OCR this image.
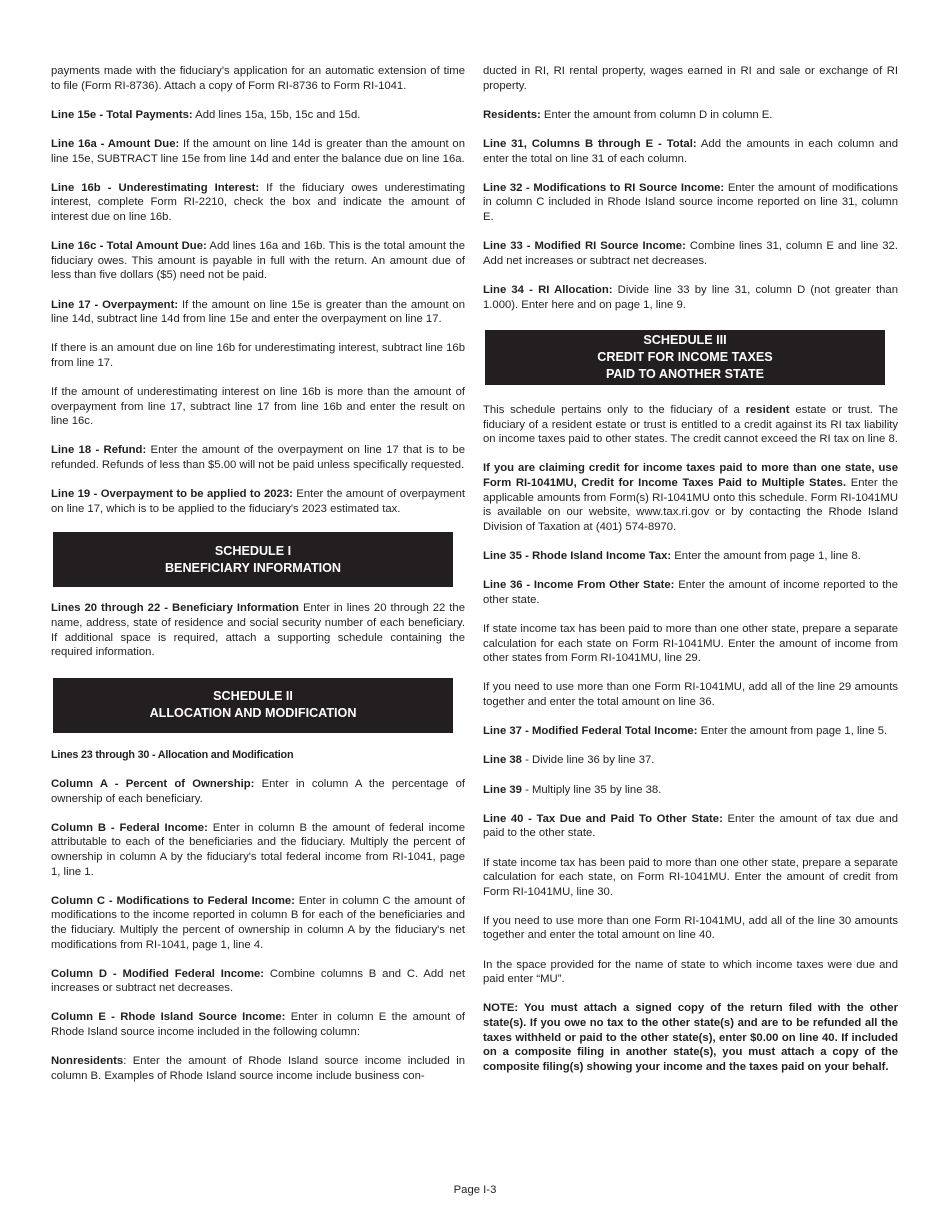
payments made with the fiduciary's application for an automatic extension of time to file (Form RI-8736). Attach a copy of Form RI-8736 to Form RI-1041.

Line 15e - Total Payments: Add lines 15a, 15b, 15c and 15d.

Line 16a - Amount Due: If the amount on line 14d is greater than the amount on line 15e, SUBTRACT line 15e from line 14d and enter the balance due on line 16a.

Line 16b - Underestimating Interest: If the fiduciary owes underestimating interest, complete Form RI-2210, check the box and indicate the amount of interest due on line 16b.

Line 16c - Total Amount Due: Add lines 16a and 16b. This is the total amount the fiduciary owes. This amount is payable in full with the return. An amount due of less than five dollars ($5) need not be paid.

Line 17 - Overpayment: If the amount on line 15e is greater than the amount on line 14d, subtract line 14d from line 15e and enter the overpayment on line 17.

If there is an amount due on line 16b for underestimating interest, subtract line 16b from line 17.

If the amount of underestimating interest on line 16b is more than the amount of overpayment from line 17, subtract line 17 from line 16b and enter the result on line 16c.

Line 18 - Refund: Enter the amount of the overpayment on line 17 that is to be refunded. Refunds of less than $5.00 will not be paid unless specifically requested.

Line 19 - Overpayment to be applied to 2023: Enter the amount of overpayment on line 17, which is to be applied to the fiduciary's 2023 estimated tax.

SCHEDULE I
BENEFICIARY INFORMATION

Lines 20 through 22 - Beneficiary Information Enter in lines 20 through 22 the name, address, state of residence and social security number of each beneficiary. If additional space is required, attach a supporting schedule containing the required information.

SCHEDULE II
ALLOCATION AND MODIFICATION

Lines 23 through 30 - Allocation and Modification

Column A - Percent of Ownership: Enter in column A the percentage of ownership of each beneficiary.

Column B - Federal Income: Enter in column B the amount of federal income attributable to each of the beneficiaries and the fiduciary. Multiply the percent of ownership in column A by the fiduciary's total federal income from RI-1041, page 1, line 1.

Column C - Modifications to Federal Income: Enter in column C the amount of modifications to the income reported in column B for each of the beneficiaries and the fiduciary. Multiply the percent of ownership in column A by the fiduciary's net modifications from RI-1041, page 1, line 4.

Column D - Modified Federal Income: Combine columns B and C. Add net increases or subtract net decreases.

Column E - Rhode Island Source Income: Enter in column E the amount of Rhode Island source income included in the following column:

Nonresidents: Enter the amount of Rhode Island source income included in column B. Examples of Rhode Island source income include business con-

ducted in RI, RI rental property, wages earned in RI and sale or exchange of RI property.

Residents: Enter the amount from column D in column E.

Line 31, Columns B through E - Total: Add the amounts in each column and enter the total on line 31 of each column.

Line 32 - Modifications to RI Source Income: Enter the amount of modifications in column C included in Rhode Island source income reported on line 31, column E.

Line 33 - Modified RI Source Income: Combine lines 31, column E and line 32. Add net increases or subtract net decreases.

Line 34 - RI Allocation: Divide line 33 by line 31, column D (not greater than 1.000). Enter here and on page 1, line 9.

SCHEDULE III
CREDIT FOR INCOME TAXES
PAID TO ANOTHER STATE

This schedule pertains only to the fiduciary of a resident estate or trust. The fiduciary of a resident estate or trust is entitled to a credit against its RI tax liability on income taxes paid to other states. The credit cannot exceed the RI tax on line 8.

If you are claiming credit for income taxes paid to more than one state, use Form RI-1041MU, Credit for Income Taxes Paid to Multiple States. Enter the applicable amounts from Form(s) RI-1041MU onto this schedule. Form RI-1041MU is available on our website, www.tax.ri.gov or by contacting the Rhode Island Division of Taxation at (401) 574-8970.

Line 35 - Rhode Island Income Tax: Enter the amount from page 1, line 8.

Line 36 - Income From Other State: Enter the amount of income reported to the other state.

If state income tax has been paid to more than one other state, prepare a separate calculation for each state on Form RI-1041MU. Enter the amount of income from other states from Form RI-1041MU, line 29.

If you need to use more than one Form RI-1041MU, add all of the line 29 amounts together and enter the total amount on line 36.

Line 37 - Modified Federal Total Income: Enter the amount from page 1, line 5.

Line 38 - Divide line 36 by line 37.

Line 39 - Multiply line 35 by line 38.

Line 40 - Tax Due and Paid To Other State: Enter the amount of tax due and paid to the other state.

If state income tax has been paid to more than one other state, prepare a separate calculation for each state, on Form RI-1041MU. Enter the amount of credit from Form RI-1041MU, line 30.

If you need to use more than one Form RI-1041MU, add all of the line 30 amounts together and enter the total amount on line 40.

In the space provided for the name of state to which income taxes were due and paid enter “MU”.

NOTE: You must attach a signed copy of the return filed with the other state(s). If you owe no tax to the other state(s) and are to be refunded all the taxes withheld or paid to the other state(s), enter $0.00 on line 40. If included on a composite filing in another state(s), you must attach a copy of the composite filing(s) showing your income and the taxes paid on your behalf.

Page I-3
